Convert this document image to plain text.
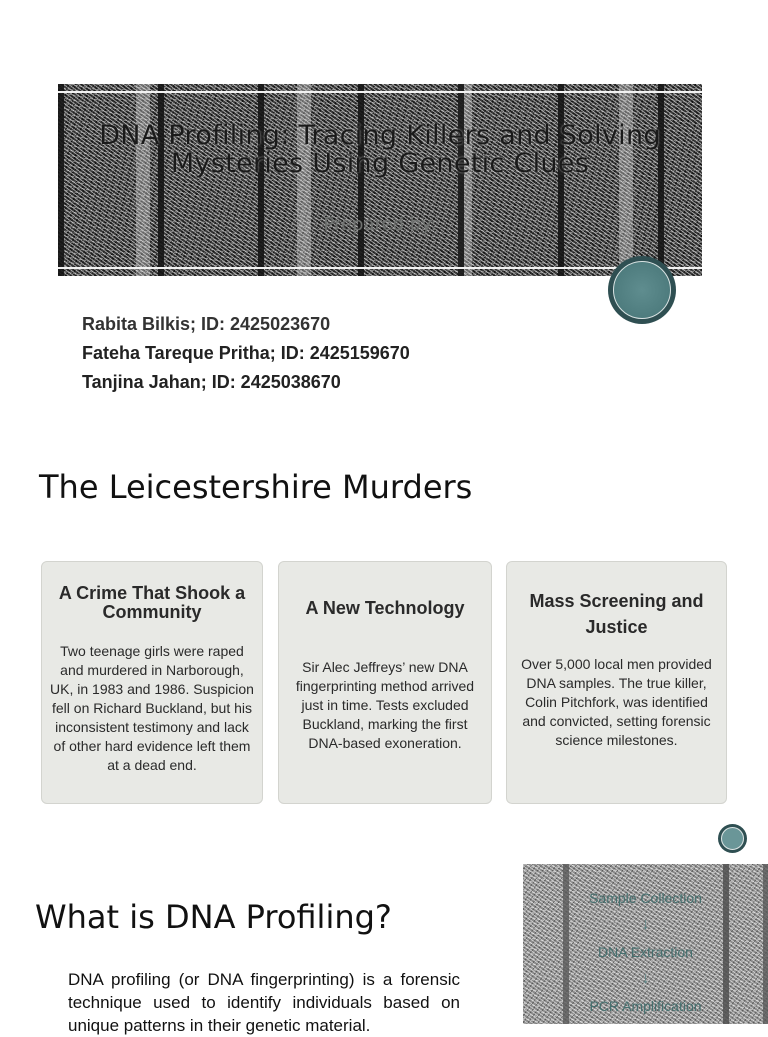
DNA Profiling: Tracing Killers and Solving Mysteries Using Genetic Clues
Prepared by:
Rabita Bilkis; ID: 2425023670
Fateha Tareque Pritha; ID: 2425159670
Tanjina Jahan; ID: 2425038670
The Leicestershire Murders
A Crime That Shook a Community
Two teenage girls were raped and murdered in Narborough, UK, in 1983 and 1986. Suspicion fell on Richard Buckland, but his inconsistent testimony and lack of other hard evidence left them at a dead end.
A New Technology
Sir Alec Jeffreys’ new DNA fingerprinting method arrived just in time. Tests excluded Buckland, marking the first DNA-based exoneration.
Mass Screening and Justice
Over 5,000 local men provided DNA samples. The true killer, Colin Pitchfork, was identified and convicted, setting forensic science milestones.
What is DNA Profiling?
DNA profiling (or DNA fingerprinting) is a forensic technique used to identify individuals based on unique patterns in their genetic material.
Sample Collection
↓
DNA Extraction
↓
PCR Amplification
